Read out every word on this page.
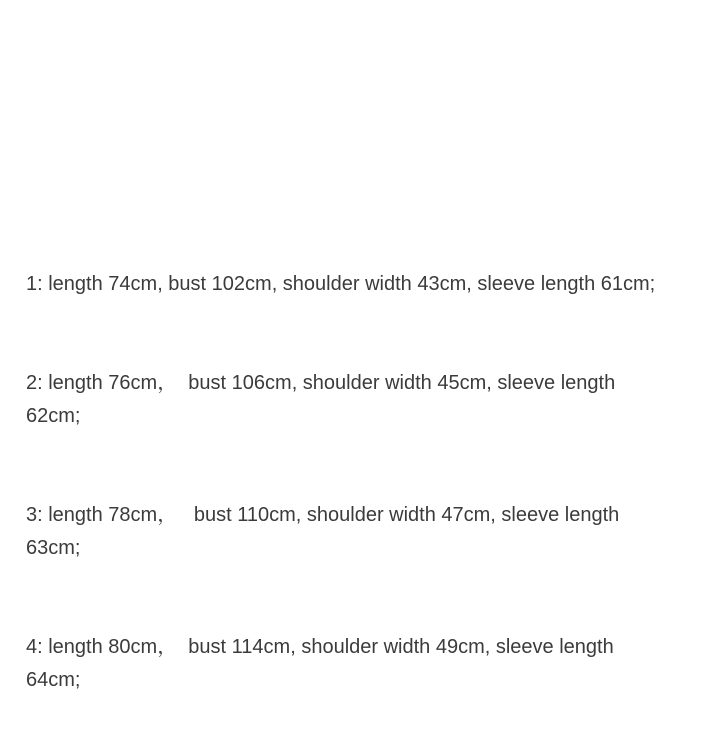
1: length 74cm, bust 102cm, shoulder width 43cm, sleeve length 61cm;

2: length 76cm，  bust 106cm, shoulder width 45cm, sleeve length 62cm;

3: length 78cm，   bust 110cm, shoulder width 47cm, sleeve length 63cm;

4: length 80cm，  bust 114cm, shoulder width 49cm, sleeve length 64cm;
